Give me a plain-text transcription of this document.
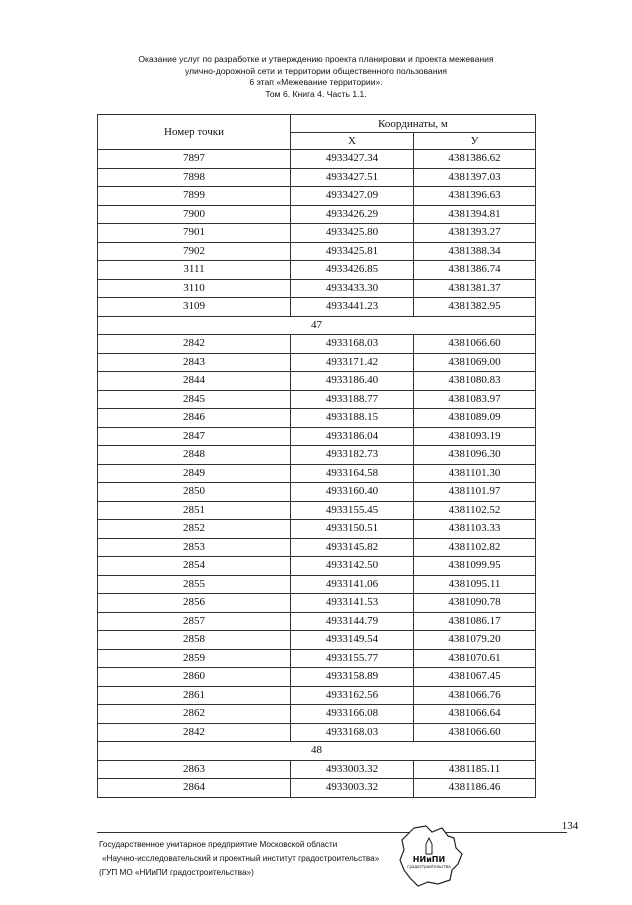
Оказание услуг по разработке и утверждению проекта планировки и проекта межевания
улично-дорожной сети и территории общественного пользования
6 этап «Межевание территории».
Том 6. Книга 4. Часть 1.1.
Номер точки	Координаты, м	
	X	У
7897	4933427.34	4381386.62
7898	4933427.51	4381397.03
7899	4933427.09	4381396.63
7900	4933426.29	4381394.81
7901	4933425.80	4381393.27
7902	4933425.81	4381388.34
3111	4933426.85	4381386.74
3110	4933433.30	4381381.37
3109	4933441.23	4381382.95
47		
2842	4933168.03	4381066.60
2843	4933171.42	4381069.00
2844	4933186.40	4381080.83
2845	4933188.77	4381083.97
2846	4933188.15	4381089.09
2847	4933186.04	4381093.19
2848	4933182.73	4381096.30
2849	4933164.58	4381101.30
2850	4933160.40	4381101.97
2851	4933155.45	4381102.52
2852	4933150.51	4381103.33
2853	4933145.82	4381102.82
2854	4933142.50	4381099.95
2855	4933141.06	4381095.11
2856	4933141.53	4381090.78
2857	4933144.79	4381086.17
2858	4933149.54	4381079.20
2859	4933155.77	4381070.61
2860	4933158.89	4381067.45
2861	4933162.56	4381066.76
2862	4933166.08	4381066.64
2842	4933168.03	4381066.60
48		
2863	4933003.32	4381185.11
2864	4933003.32	4381186.46
134
Государственное унитарное предприятие Московской области
«Научно-исследовательский и проектный институт градостроительства»
(ГУП МО «НИиПИ градостроительства»)
НИиПИ
градостроительства
